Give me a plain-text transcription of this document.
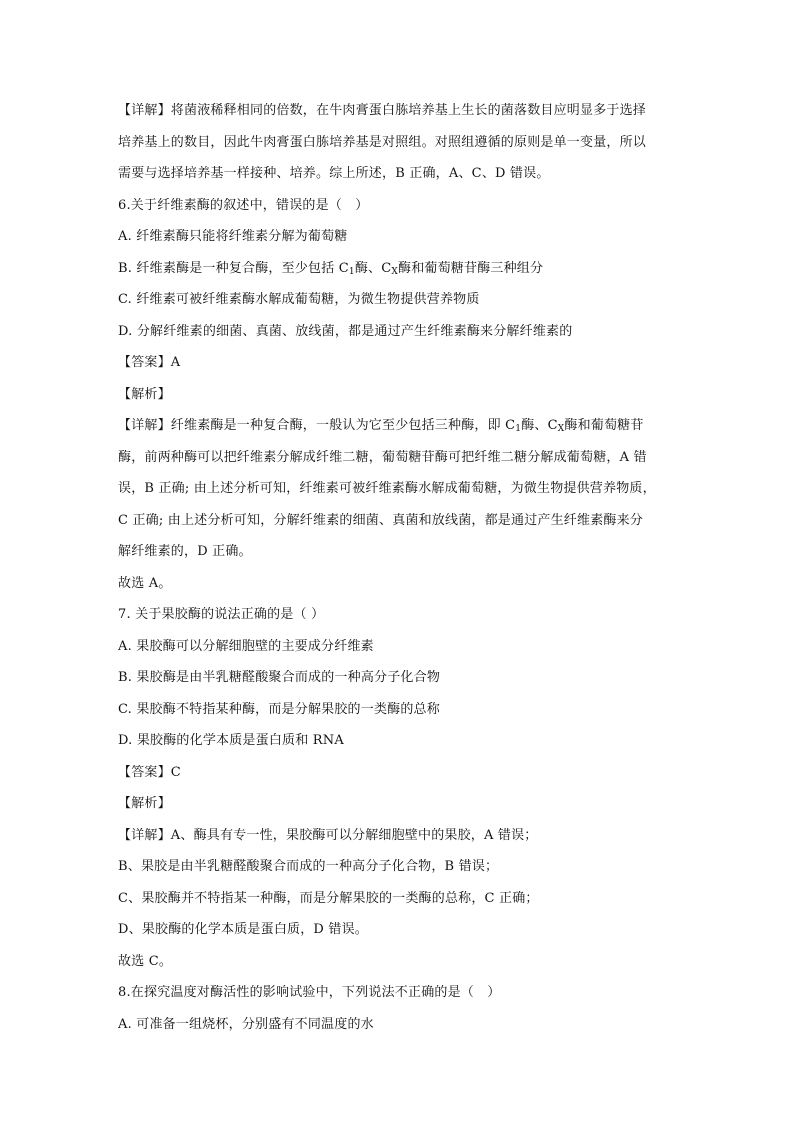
【详解】将菌液稀释相同的倍数，在牛肉膏蛋白胨培养基上生长的菌落数目应明显多于选择
培养基上的数目，因此牛肉膏蛋白胨培养基是对照组。对照组遵循的原则是单一变量，所以
需要与选择培养基一样接种、培养。综上所述，B 正确，A、C、D 错误。
6.关于纤维素酶的叙述中，错误的是（　）
A. 纤维素酶只能将纤维素分解为葡萄糖
B. 纤维素酶是一种复合酶，至少包括 $C_1$酶、$C_X$酶和葡萄糖苷酶三种组分
C. 纤维素可被纤维素酶水解成葡萄糖，为微生物提供营养物质
D. 分解纤维素的细菌、真菌、放线菌，都是通过产生纤维素酶来分解纤维素的
【答案】A
【解析】
【详解】纤维素酶是一种复合酶，一般认为它至少包括三种酶，即 $C_1$酶、$C_X$酶和葡萄糖苷
酶，前两种酶可以把纤维素分解成纤维二糖，葡萄糖苷酶可把纤维二糖分解成葡萄糖，A 错
误，B 正确; 由上述分析可知，纤维素可被纤维素酶水解成葡萄糖，为微生物提供营养物质，
C 正确; 由上述分析可知，分解纤维素的细菌、真菌和放线菌，都是通过产生纤维素酶来分
解纤维素的，D 正确。
故选 A。
7. 关于果胶酶的说法正确的是（ ）
A. 果胶酶可以分解细胞壁的主要成分纤维素
B. 果胶酶是由半乳糖醛酸聚合而成的一种高分子化合物
C. 果胶酶不特指某种酶，而是分解果胶的一类酶的总称
D. 果胶酶的化学本质是蛋白质和 RNA
【答案】C
【解析】
【详解】A、酶具有专一性，果胶酶可以分解细胞壁中的果胶，A 错误；
B、果胶是由半乳糖醛酸聚合而成的一种高分子化合物，B 错误；
C、果胶酶并不特指某一种酶，而是分解果胶的一类酶的总称，C 正确；
D、果胶酶的化学本质是蛋白质，D 错误。
故选 C。
8.在探究温度对酶活性的影响试验中，下列说法不正确的是（　）
A. 可准备一组烧杯，分别盛有不同温度的水
